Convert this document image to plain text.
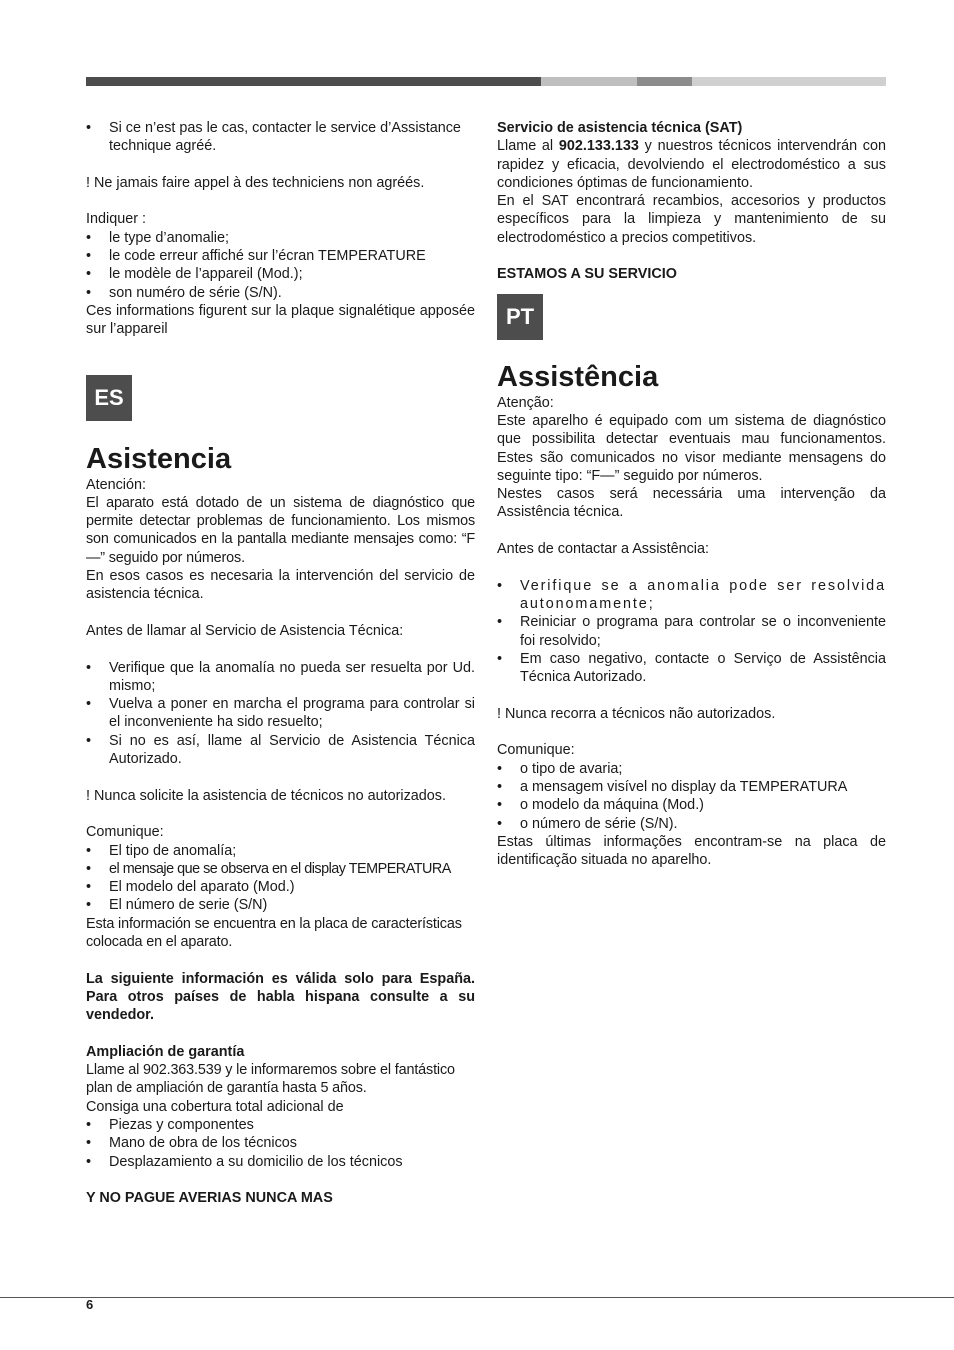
• Si ce n’est pas le cas, contacter le service d’Assistance technique agréé.

! Ne jamais faire appel à des techniciens non agréés.

Indiquer :

• le type d’anomalie;
• le code erreur affiché sur l’écran TEMPERATURE
• le modèle de l’appareil (Mod.);
• son numéro de série (S/N).

Ces informations figurent sur la plaque signalétique apposée sur l’appareil

ES
Asistencia

Atención:

El aparato está dotado de un sistema de diagnóstico que permite detectar problemas de funcionamiento. Los mismos son comunicados en la pantalla mediante mensajes como: “F—” seguido por números.

En esos casos es necesaria la intervención del servicio de asistencia técnica.

Antes de llamar al Servicio de Asistencia Técnica:

• Verifique que la anomalía no pueda ser resuelta por Ud. mismo;
• Vuelva a poner en marcha el programa para controlar si el inconveniente ha sido resuelto;
• Si no es así, llame al Servicio de Asistencia Técnica Autorizado.

! Nunca solicite la asistencia de técnicos no autorizados.

Comunique:

• El tipo de anomalía;
• el mensaje que se observa en el display TEMPERATURA
• El modelo del aparato (Mod.)
• El número de serie (S/N)

Esta información se encuentra en la placa de características colocada en el aparato.

La siguiente información es válida solo para España. Para otros países de habla hispana consulte a su vendedor.

Ampliación de garantía

Llame al 902.363.539 y le informaremos sobre el fantástico plan de ampliación de garantía hasta 5 años.

Consiga una cobertura total adicional de

• Piezas y componentes
• Mano de obra de los técnicos
• Desplazamiento a su domicilio de los técnicos

Y NO PAGUE AVERIAS NUNCA MAS

Servicio de asistencia técnica (SAT)

Llame al 902.133.133 y nuestros técnicos intervendrán con rapidez y eficacia, devolviendo el electrodoméstico a sus condiciones óptimas de funcionamiento.

En el SAT encontrará recambios, accesorios y productos específicos para la limpieza y mantenimiento de su electrodoméstico a precios competitivos.

ESTAMOS A SU SERVICIO

PT
Assistência

Atenção:

Este aparelho é equipado com um sistema de diagnóstico que possibilita detectar eventuais mau funcionamentos. Estes são comunicados no visor mediante mensagens do seguinte tipo: “F—” seguido por números.

Nestes casos será necessária uma intervenção da Assistência técnica.

Antes de contactar a Assistência:

• Verifique se a anomalia pode ser resolvida autonomamente;
• Reiniciar o programa para controlar se o inconveniente foi resolvido;
• Em caso negativo, contacte o Serviço de Assistência Técnica Autorizado.

! Nunca recorra a técnicos não autorizados.

Comunique:

• o tipo de avaria;
• a mensagem visível no display da TEMPERATURA
• o modelo da máquina (Mod.)
• o número de série (S/N).

Estas últimas informações encontram-se na placa de identificação situada no aparelho.

6
